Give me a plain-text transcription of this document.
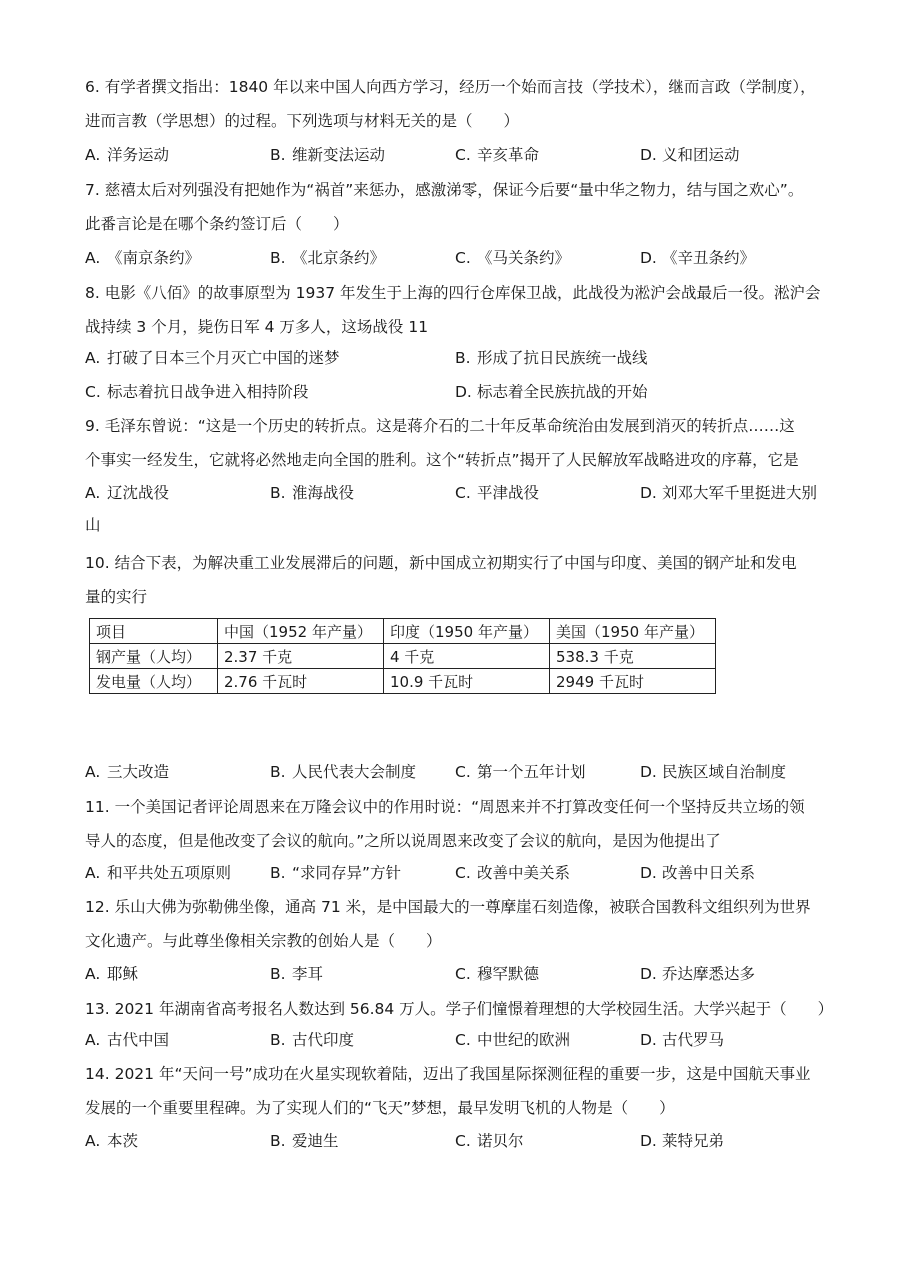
6. 有学者撰文指出：1840 年以来中国人向西方学习，经历一个始而言技（学技术），继而言政（学制度），
进而言教（学思想）的过程。下列选项与材料无关的是（　　）
A. 洋务运动	B. 维新变法运动	C. 辛亥革命	D. 义和团运动
7. 慈禧太后对列强没有把她作为“祸首”来惩办，感激涕零，保证今后要“量中华之物力，结与国之欢心”。
此番言论是在哪个条约签订后（　　）
A. 《南京条约》	B. 《北京条约》	C. 《马关条约》	D. 《辛丑条约》
8. 电影《八佰》的故事原型为 1937 年发生于上海的四行仓库保卫战，此战役为淞沪会战最后一役。淞沪会
战持续 3 个月，毙伤日军 4 万多人，这场战役 11
A. 打破了日本三个月灭亡中国的迷梦	B. 形成了抗日民族统一战线
C. 标志着抗日战争进入相持阶段	D. 标志着全民族抗战的开始
9. 毛泽东曾说：“这是一个历史的转折点。这是蒋介石的二十年反革命统治由发展到消灭的转折点……这
个事实一经发生，它就将必然地走向全国的胜利。这个“转折点”揭开了人民解放军战略进攻的序幕，它是
A. 辽沈战役	B. 淮海战役	C. 平津战役	D. 刘邓大军千里挺进大别
山
10. 结合下表，为解决重工业发展滞后的问题，新中国成立初期实行了中国与印度、美国的钢产址和发电
量的实行
项目	中国（1952 年产量）	印度（1950 年产量）	美国（1950 年产量）
钢产量（人均）	2.37 千克	4 千克	538.3 千克
发电量（人均）	2.76 千瓦时	10.9 千瓦时	2949 千瓦时
A. 三大改造	B. 人民代表大会制度	C. 第一个五年计划	D. 民族区域自治制度
11. 一个美国记者评论周恩来在万隆会议中的作用时说：“周恩来并不打算改变任何一个坚持反共立场的领
导人的态度，但是他改变了会议的航向。”之所以说周恩来改变了会议的航向，是因为他提出了
A. 和平共处五项原则	B. “求同存异”方针	C. 改善中美关系	D. 改善中日关系
12. 乐山大佛为弥勒佛坐像，通高 71 米，是中国最大的一尊摩崖石刻造像，被联合国教科文组织列为世界
文化遗产。与此尊坐像相关宗教的创始人是（　　）
A. 耶稣	B. 李耳	C. 穆罕默德	D. 乔达摩悉达多
13. 2021 年湖南省高考报名人数达到 56.84 万人。学子们憧憬着理想的大学校园生活。大学兴起于（　　）
A. 古代中国	B. 古代印度	C. 中世纪的欧洲	D. 古代罗马
14. 2021 年“天问一号”成功在火星实现软着陆，迈出了我国星际探测征程的重要一步，这是中国航天事业
发展的一个重要里程碑。为了实现人们的“飞天”梦想，最早发明飞机的人物是（　　）
A. 本茨	B. 爱迪生	C. 诺贝尔	D. 莱特兄弟
